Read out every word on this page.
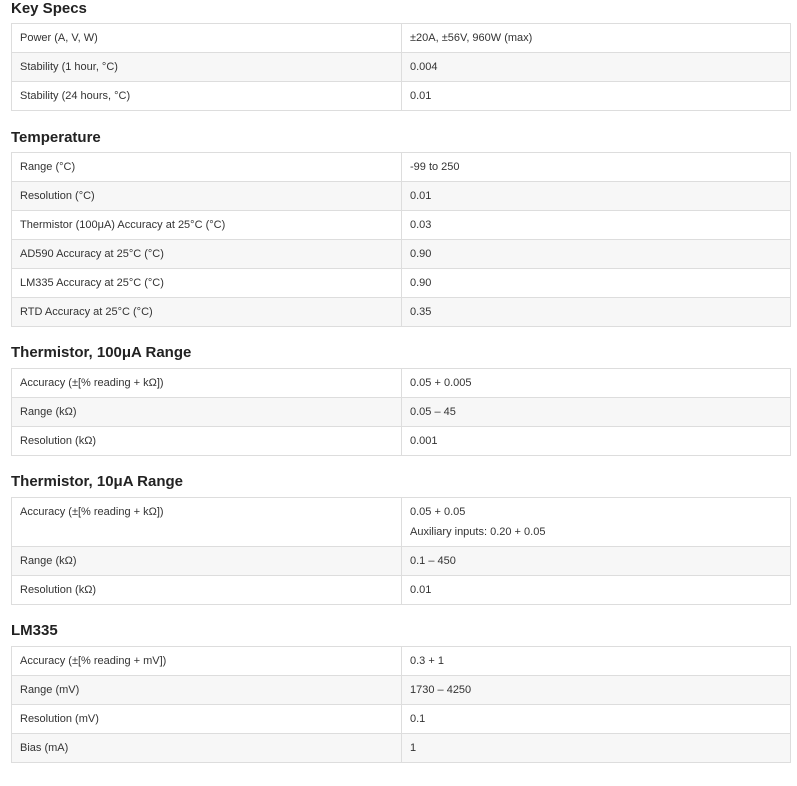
Key Specs
Power (A, V, W)	±20A, ±56V, 960W (max)
Stability (1 hour, °C)	0.004
Stability (24 hours, °C)	0.01
Temperature
Range (°C)	-99 to 250
Resolution (°C)	0.01
Thermistor (100μA) Accuracy at 25°C (°C)	0.03
AD590 Accuracy at 25°C (°C)	0.90
LM335 Accuracy at 25°C (°C)	0.90
RTD Accuracy at 25°C (°C)	0.35
Thermistor, 100μA Range
Accuracy (±[% reading + kΩ])	0.05 + 0.005
Range (kΩ)	0.05 – 45
Resolution (kΩ)	0.001
Thermistor, 10μA Range
Accuracy (±[% reading + kΩ])	0.05 + 0.05
Auxiliary inputs: 0.20 + 0.05

Range (kΩ)	0.1 – 450
Resolution (kΩ)	0.01
LM335
Accuracy (±[% reading + mV])	0.3 + 1
Range (mV)	1730 – 4250
Resolution (mV)	0.1
Bias (mA)	1
